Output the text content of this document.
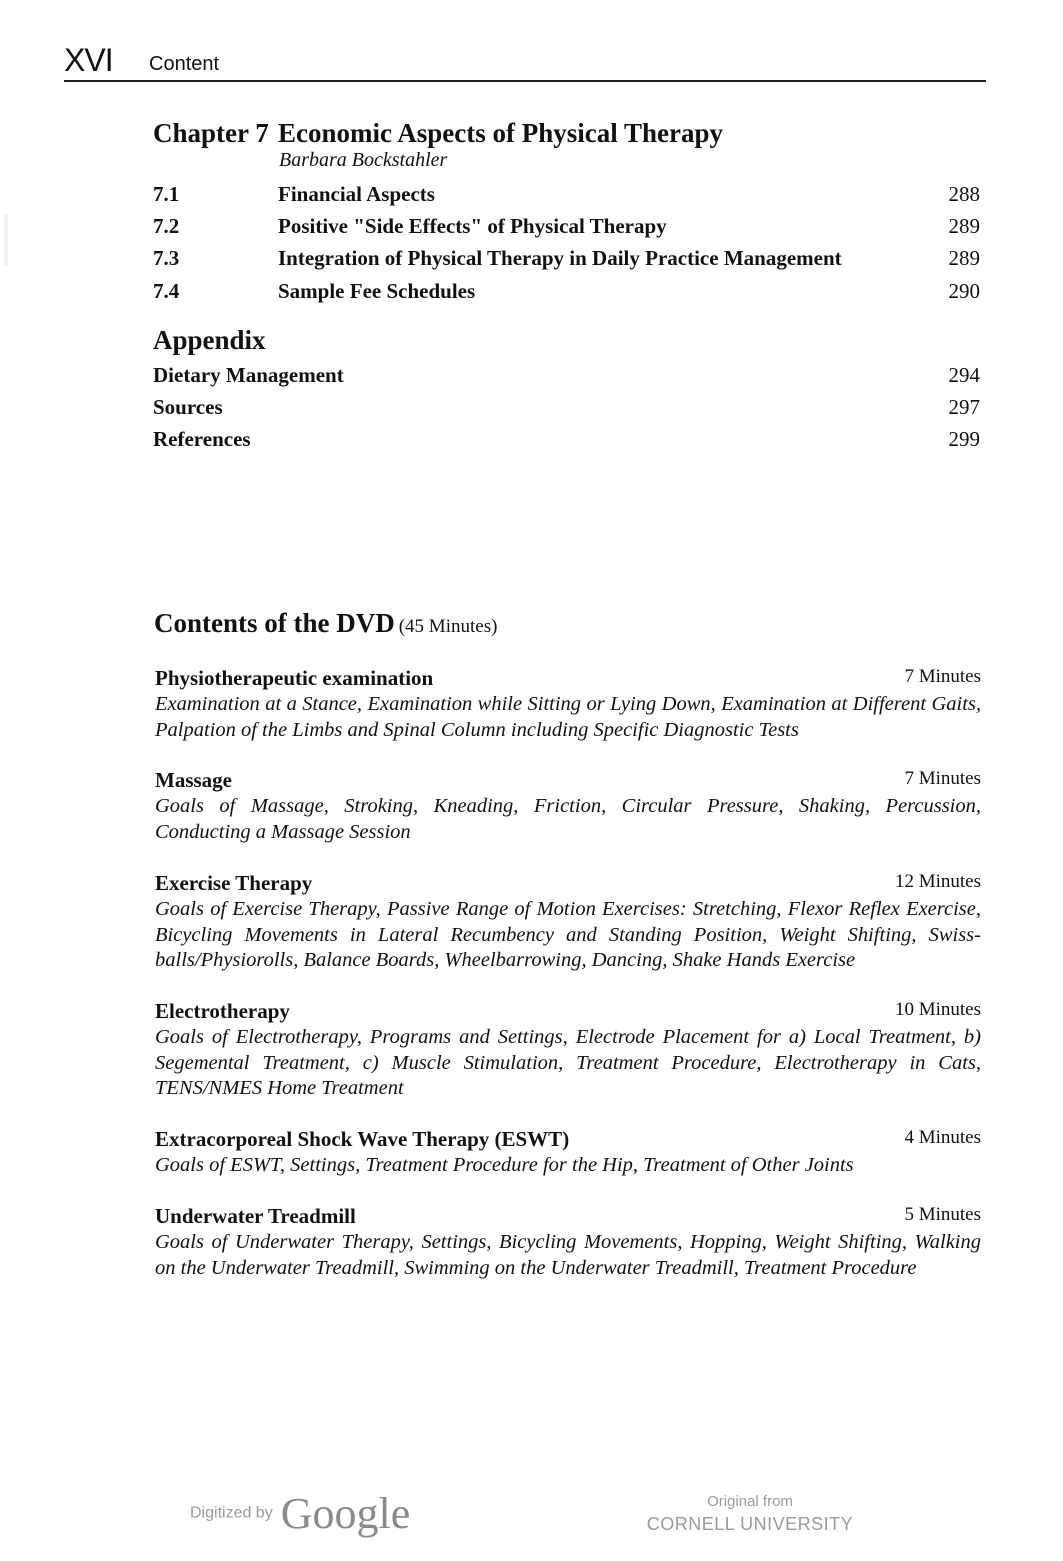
XVI Content
Chapter 7 Economic Aspects of Physical Therapy
Barbara Bockstahler
7.1	Financial Aspects	288
7.2	Positive "Side Effects" of Physical Therapy	289
7.3	Integration of Physical Therapy in Daily Practice Management	289
7.4	Sample Fee Schedules	290
Appendix
Dietary Management	294
Sources	297
References	299
Contents of the DVD (45 Minutes)
Physiotherapeutic examination	7 Minutes
Examination at a Stance, Examination while Sitting or Lying Down, Examination at Different Gaits, Palpation of the Limbs and Spinal Column including Specific Diagnostic Tests
Massage	7 Minutes
Goals of Massage, Stroking, Kneading, Friction, Circular Pressure, Shaking, Percussion, Conducting a Massage Session
Exercise Therapy	12 Minutes
Goals of Exercise Therapy, Passive Range of Motion Exercises: Stretching, Flexor Reflex Exercise, Bicycling Movements in Lateral Recumbency and Standing Position, Weight Shifting, Swiss-balls/Physiorolls, Balance Boards, Wheelbarrowing, Dancing, Shake Hands Exercise
Electrotherapy	10 Minutes
Goals of Electrotherapy, Programs and Settings, Electrode Placement for a) Local Treatment, b) Segemental Treatment, c) Muscle Stimulation, Treatment Procedure, Electrotherapy in Cats, TENS/NMES Home Treatment
Extracorporeal Shock Wave Therapy (ESWT)	4 Minutes
Goals of ESWT, Settings, Treatment Procedure for the Hip, Treatment of Other Joints
Underwater Treadmill	5 Minutes
Goals of Underwater Therapy, Settings, Bicycling Movements, Hopping, Weight Shifting, Walking on the Underwater Treadmill, Swimming on the Underwater Treadmill, Treatment Procedure
Digitized by Google	Original from
CORNELL UNIVERSITY
